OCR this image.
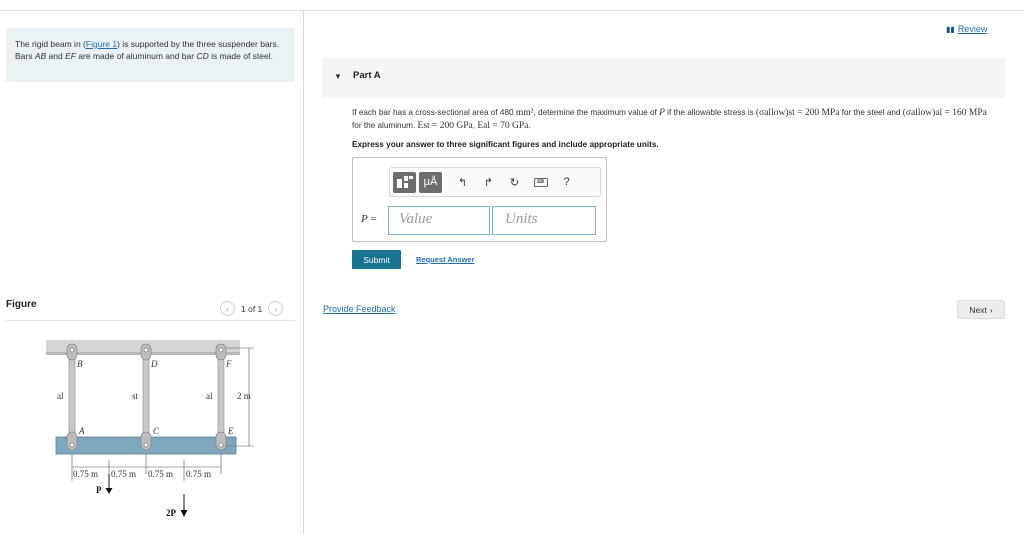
The rigid beam in (Figure 1) is supported by the three suspender bars. Bars AB and EF are made of aluminum and bar CD is made of steel.
Figure	‹	1 of 1	›
B	D	F
A	C	E
al	st	al	2 m
0.75 m 0.75 m 0.75 m 0.75 m
P
2P
▮▮ Review
▼ Part A
If each bar has a cross-sectional area of 480 mm², determine the maximum value of P if the allowable stress is (σallow)st = 200 MPa for the steel and (σallow)al = 160 MPa for the aluminum. Est = 200 GPa, Eal = 70 GPa.
Express your answer to three significant figures and include appropriate units.
μÅ	↰	↱	↻	⌨	?
P =	Value	Units
Submit	Request Answer
Provide Feedback	Next ›
